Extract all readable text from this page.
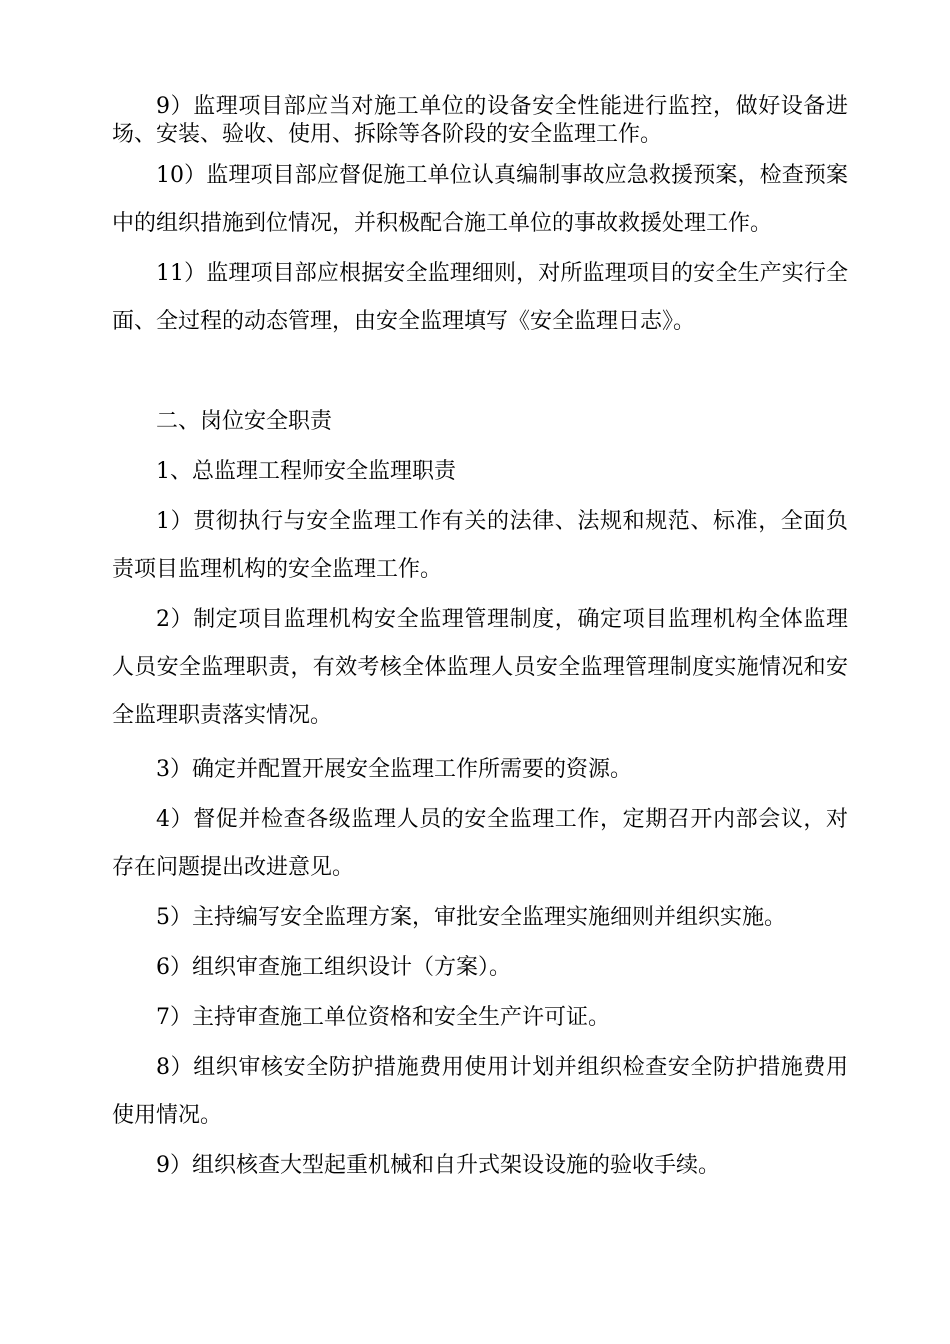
9）监理项目部应当对施工单位的设备安全性能进行监控，做好设备进场、安装、验收、使用、拆除等各阶段的安全监理工作。

10）监理项目部应督促施工单位认真编制事故应急救援预案，检查预案中的组织措施到位情况，并积极配合施工单位的事故救援处理工作。

11）监理项目部应根据安全监理细则，对所监理项目的安全生产实行全面、全过程的动态管理，由安全监理填写《安全监理日志》。

二、岗位安全职责

1、总监理工程师安全监理职责

1）贯彻执行与安全监理工作有关的法律、法规和规范、标准，全面负责项目监理机构的安全监理工作。

2）制定项目监理机构安全监理管理制度，确定项目监理机构全体监理人员安全监理职责，有效考核全体监理人员安全监理管理制度实施情况和安全监理职责落实情况。

3）确定并配置开展安全监理工作所需要的资源。

4）督促并检查各级监理人员的安全监理工作，定期召开内部会议，对存在问题提出改进意见。

5）主持编写安全监理方案，审批安全监理实施细则并组织实施。

6）组织审查施工组织设计（方案）。

7）主持审查施工单位资格和安全生产许可证。

8）组织审核安全防护措施费用使用计划并组织检查安全防护措施费用使用情况。

9）组织核查大型起重机械和自升式架设设施的验收手续。
